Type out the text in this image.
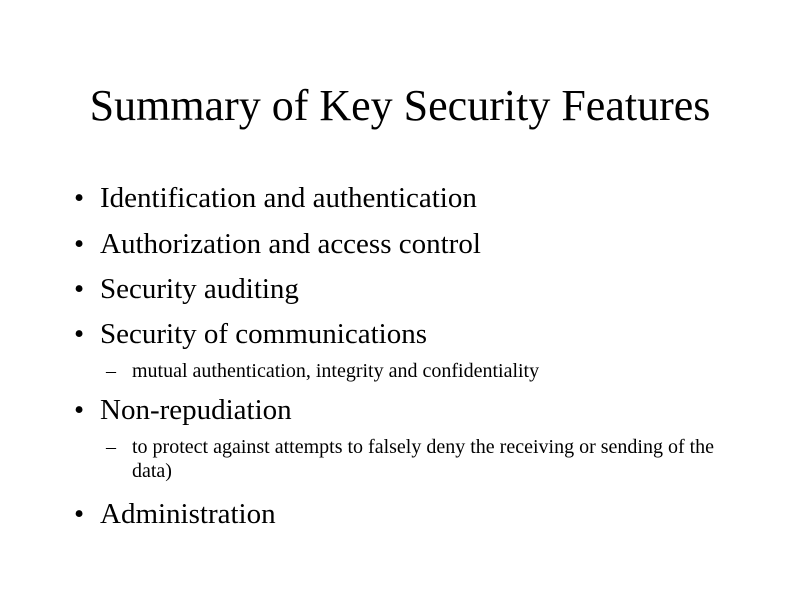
Summary of Key Security Features
• Identification and authentication
• Authorization and access control
• Security auditing
• Security of communications
– mutual authentication, integrity and confidentiality
• Non-repudiation
– to protect against attempts to falsely deny the receiving or sending of the data)
• Administration
